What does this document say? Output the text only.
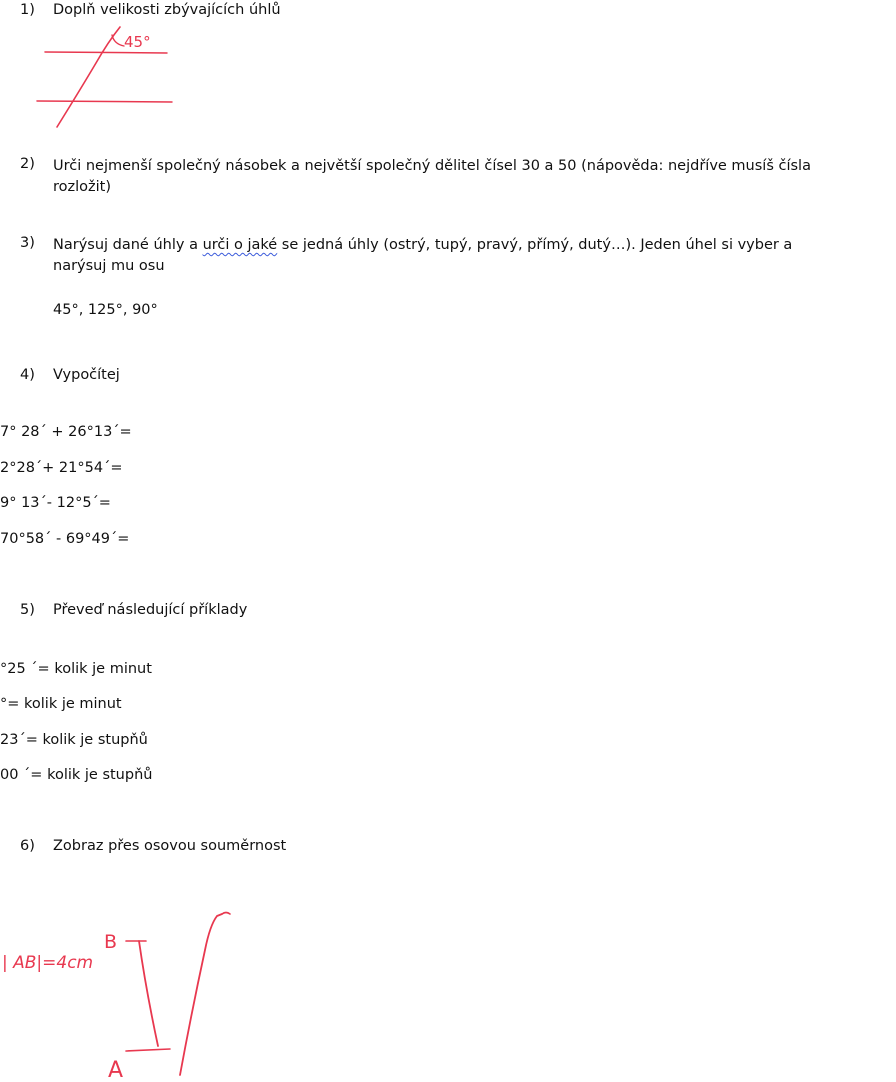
1) Doplň velikosti zbývajících úhlů
45°
2) Urči nejmenší společný násobek a největší společný dělitel čísel 30 a 50 (nápověda: nejdříve musíš čísla rozložit)
3) Narýsuj dané úhly a urči o jaké se jedná úhly (ostrý, tupý, pravý, přímý, dutý…). Jeden úhel si vyber a narýsuj mu osu
45°, 125°, 90°
4) Vypočítej
7° 28´ + 26°13´=
2°28´+ 21°54´=
9° 13´- 12°5´=
70°58´ - 69°49´=
5) Převeď následující příklady
°25 ´= kolik je minut
°= kolik je minut
23´= kolik je stupňů
00 ´= kolik je stupňů
6) Zobraz přes osovou souměrnost
| AB|=4cm
B
A
